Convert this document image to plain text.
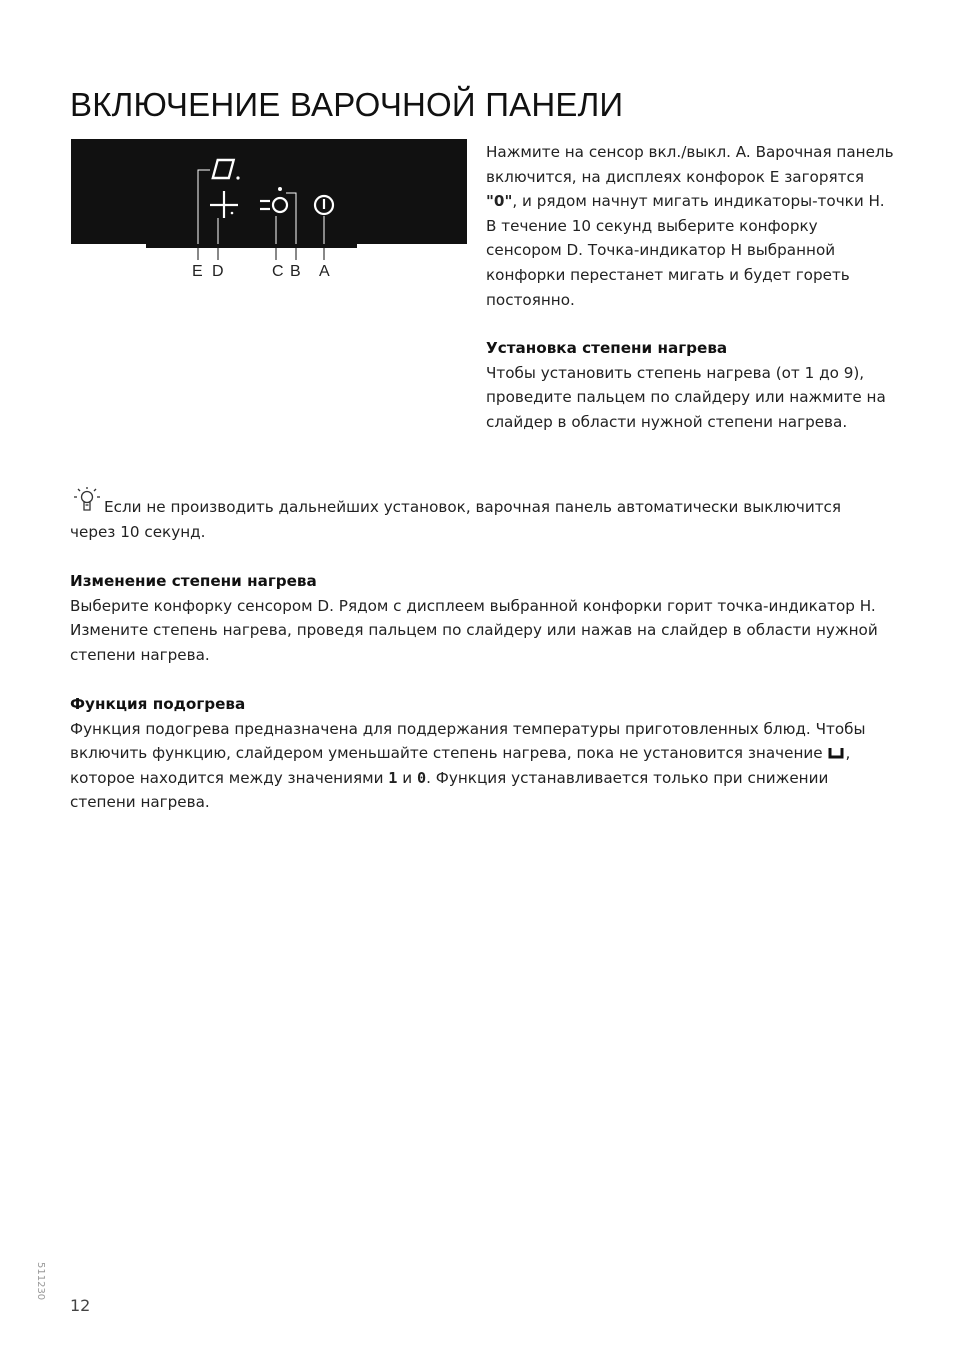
ВКЛЮЧЕНИЕ ВАРОЧНОЙ ПАНЕЛИ
E D	C B A

Нажмите на сенсор вкл./выкл. A. Варочная панель включится, на дисплеях конфорок E загорятся "0", и рядом начнут мигать индикаторы-точки H. В течение 10 секунд выберите конфорку сенсором D. Точка-индикатор H выбранной конфорки перестанет мигать и будет гореть постоянно.

Установка степени нагрева

Чтобы установить степень нагрева (от 1 до 9), проведите пальцем по слайдеру или нажмите на слайдер в области нужной степени нагрева.

Если не производить дальнейших установок, варочная панель автоматически выключится через 10 секунд.

Изменение степени нагрева

Выберите конфорку сенсором D. Рядом с дисплеем выбранной конфорки горит точка-индикатор H. Измените степень нагрева, проведя пальцем по слайдеру или нажав на слайдер в области нужной степени нагрева.

Функция подогрева

Функция подогрева предназначена для поддержания температуры приготовленных блюд. Чтобы включить функцию, слайдером уменьшайте степень нагрева, пока не установится значение , которое находится между значениями 1 и 0. Функция устанавливается только при снижении степени нагрева.

511230
12
